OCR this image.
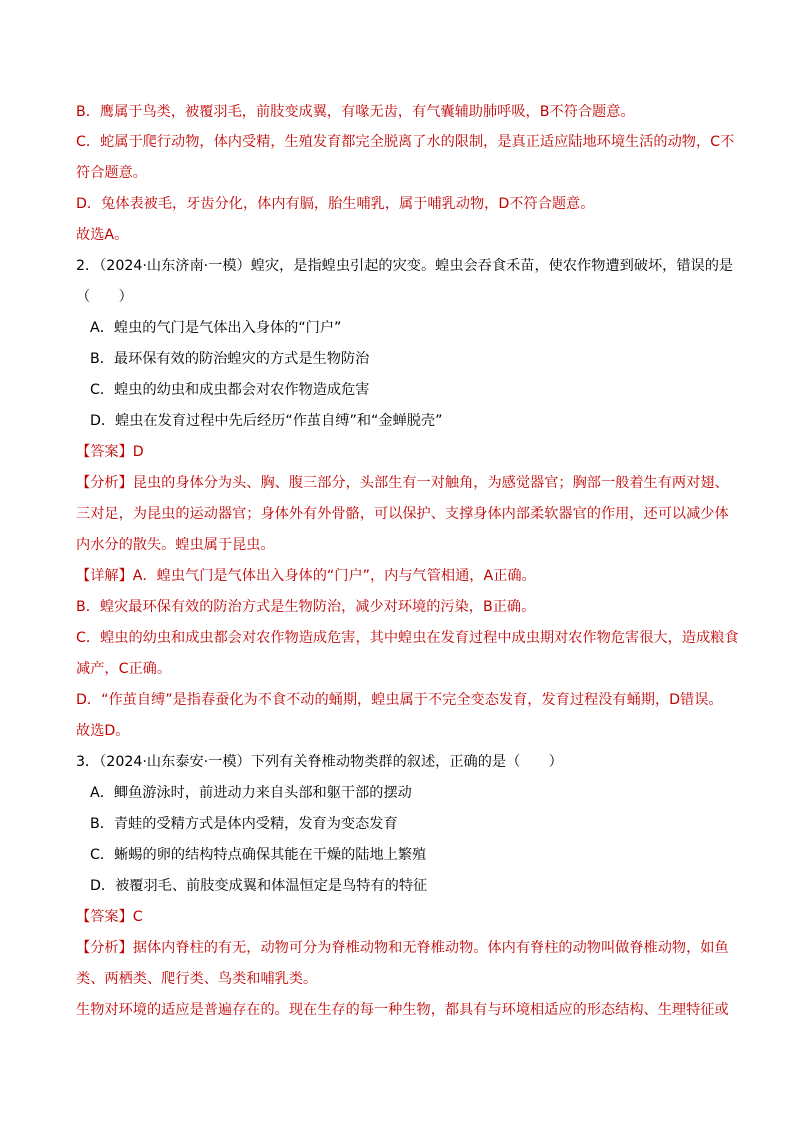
B．鹰属于鸟类，被覆羽毛，前肢变成翼，有喙无齿，有气囊辅助肺呼吸，B不符合题意。
C．蛇属于爬行动物，体内受精，生殖发育都完全脱离了水的限制，是真正适应陆地环境生活的动物，C不
符合题意。
D．兔体表被毛，牙齿分化，体内有膈，胎生哺乳，属于哺乳动物，D不符合题意。
故选A。
2．（2024·山东济南·一模）蝗灾，是指蝗虫引起的灾变。蝗虫会吞食禾苗，使农作物遭到破坏，错误的是
（　　）
A．蝗虫的气门是气体出入身体的“门户”
B．最环保有效的防治蝗灾的方式是生物防治
C．蝗虫的幼虫和成虫都会对农作物造成危害
D．蝗虫在发育过程中先后经历“作茧自缚”和“金蝉脱壳”
【答案】D
【分析】昆虫的身体分为头、胸、腹三部分，头部生有一对触角，为感觉器官；胸部一般着生有两对翅、
三对足，为昆虫的运动器官；身体外有外骨骼，可以保护、支撑身体内部柔软器官的作用，还可以减少体
内水分的散失。蝗虫属于昆虫。
【详解】A．蝗虫气门是气体出入身体的“门户”，内与气管相通，A正确。
B．蝗灾最环保有效的防治方式是生物防治，减少对环境的污染，B正确。
C．蝗虫的幼虫和成虫都会对农作物造成危害，其中蝗虫在发育过程中成虫期对农作物危害很大，造成粮食
减产，C正确。
D．“作茧自缚”是指春蚕化为不食不动的蛹期，蝗虫属于不完全变态发育，发育过程没有蛹期，D错误。
故选D。
3．（2024·山东泰安·一模）下列有关脊椎动物类群的叙述，正确的是（　　）
A．鲫鱼游泳时，前进动力来自头部和躯干部的摆动
B．青蛙的受精方式是体内受精，发育为变态发育
C．蜥蜴的卵的结构特点确保其能在干燥的陆地上繁殖
D．被覆羽毛、前肢变成翼和体温恒定是鸟特有的特征
【答案】C
【分析】据体内脊柱的有无，动物可分为脊椎动物和无脊椎动物。体内有脊柱的动物叫做脊椎动物，如鱼
类、两栖类、爬行类、鸟类和哺乳类。
生物对环境的适应是普遍存在的。现在生存的每一种生物，都具有与环境相适应的形态结构、生理特征或
